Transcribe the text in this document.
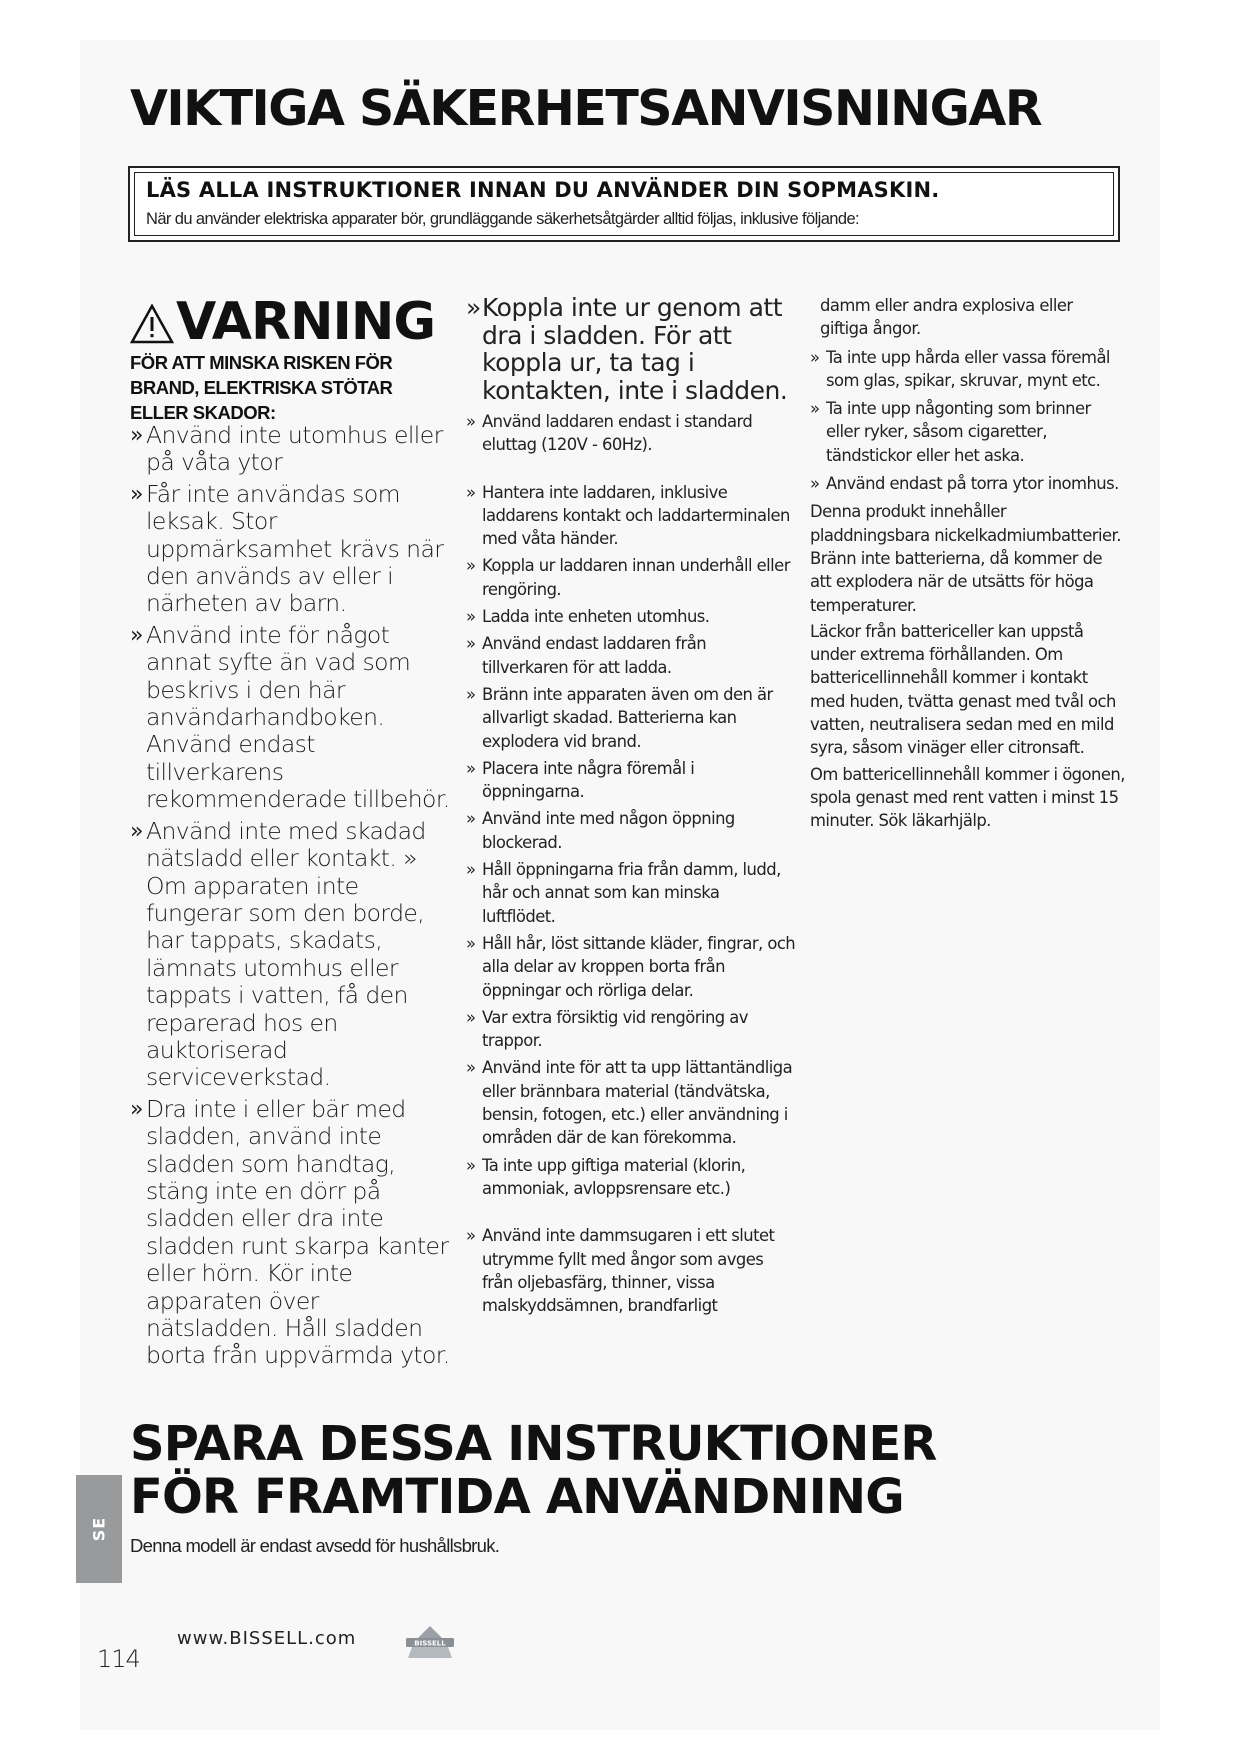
VIKTIGA SÄKERHETSANVISNINGAR

LÄS ALLA INSTRUKTIONER INNAN DU ANVÄNDER DIN SOPMASKIN.

När du använder elektriska apparater bör, grundläggande säkerhetsåtgärder alltid följas, inklusive följande:

VARNING

FÖR ATT MINSKA RISKEN FÖR BRAND, ELEKTRISKA STÖTAR ELLER SKADOR:

» Använd inte utomhus eller på våta ytor

» Får inte användas som leksak. Stor uppmärksamhet krävs när den används av eller i närheten av barn.

» Använd inte för något annat syfte än vad som beskrivs i den här användarhandboken. Använd endast tillverkarens rekommenderade tillbehör.

» Använd inte med skadad nätsladd eller kontakt. » Om apparaten inte fungerar som den borde, har tappats, skadats, lämnats utomhus eller tappats i vatten, få den reparerad hos en auktoriserad serviceverkstad.

» Dra inte i eller bär med sladden, använd inte sladden som handtag, stäng inte en dörr på sladden eller dra inte sladden runt skarpa kanter eller hörn. Kör inte apparaten över nätsladden. Håll sladden borta från uppvärmda ytor.

» Koppla inte ur genom att dra i sladden. För att koppla ur, ta tag i kontakten, inte i sladden.

» Använd laddaren endast i standard eluttag (120V - 60Hz).

» Hantera inte laddaren, inklusive laddarens kontakt och laddarterminalen med våta händer.

» Koppla ur laddaren innan underhåll eller rengöring.

» Ladda inte enheten utomhus.

» Använd endast laddaren från tillverkaren för att ladda.

» Bränn inte apparaten även om den är allvarligt skadad. Batterierna kan explodera vid brand.

» Placera inte några föremål i öppningarna.

» Använd inte med någon öppning blockerad.

» Håll öppningarna fria från damm, ludd, hår och annat som kan minska luftflödet.

» Håll hår, löst sittande kläder, fingrar, och alla delar av kroppen borta från öppningar och rörliga delar.

» Var extra försiktig vid rengöring av trappor.

» Använd inte för att ta upp lättantändliga eller brännbara material (tändvätska, bensin, fotogen, etc.) eller användning i områden där de kan förekomma.

» Ta inte upp giftiga material (klorin, ammoniak, avloppsrensare etc.)

» Använd inte dammsugaren i ett slutet utrymme fyllt med ångor som avges från oljebasfärg, thinner, vissa malskyddsämnen, brandfarligt

damm eller andra explosiva eller giftiga ångor.

» Ta inte upp hårda eller vassa föremål som glas, spikar, skruvar, mynt etc.

» Ta inte upp någonting som brinner eller ryker, såsom cigaretter, tändstickor eller het aska.

» Använd endast på torra ytor inomhus.

Denna produkt innehåller pladdningsbara nickelkadmiumbatterier. Bränn inte batterierna, då kommer de att explodera när de utsätts för höga temperaturer.

Läckor från battericeller kan uppstå under extrema förhållanden. Om battericellinnehåll kommer i kontakt med huden, tvätta genast med tvål och vatten, neutralisera sedan med en mild syra, såsom vinäger eller citronsaft.

Om battericellinnehåll kommer i ögonen, spola genast med rent vatten i minst 15 minuter. Sök läkarhjälp.

SPARA DESSA INSTRUKTIONER
FÖR FRAMTIDA ANVÄNDNING

Denna modell är endast avsedd för hushållsbruk.

SE

114

www.BISSELL.com	BISSELL
